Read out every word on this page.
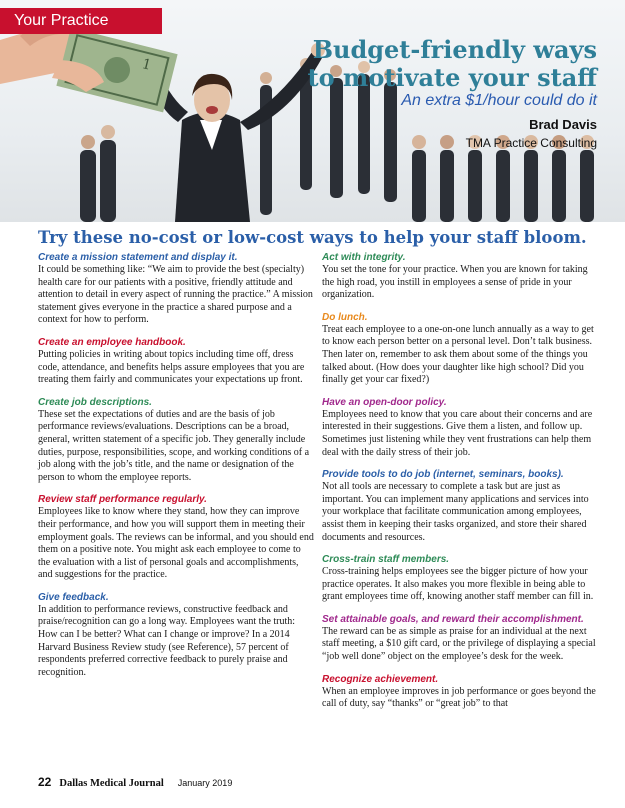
1
Your Practice
Budget-friendly ways
to motivate your staff
An extra $1/hour could do it
Brad Davis
TMA Practice Consulting
Try these no-cost or low-cost ways to help your staff bloom.
Create a mission statement and display it.

It could be something like: “We aim to provide the best (specialty) health care for our patients with a positive, friendly attitude and attention to detail in every aspect of running the practice.” A mission statement gives everyone in the practice a shared purpose and a context for how to perform.

Create an employee handbook.

Putting policies in writing about topics including time off, dress code, attendance, and benefits helps assure employees that you are treating them fairly and communicates your expectations up front.

Create job descriptions.

These set the expectations of duties and are the basis of job performance reviews/evaluations. Descriptions can be a broad, general, written statement of a specific job. They generally include duties, purpose, responsibilities, scope, and working conditions of a job along with the job’s title, and the name or designation of the person to whom the employee reports.

Review staff performance regularly.

Employees like to know where they stand, how they can improve their performance, and how you will support them in meeting their employment goals. The reviews can be informal, and you should end them on a positive note. You might ask each employee to come to the evaluation with a list of personal goals and accomplishments, and suggestions for the practice.

Give feedback.

In addition to performance reviews, constructive feedback and praise/recognition can go a long way. Employees want the truth: How can I be better? What can I change or improve? In a 2014 Harvard Business Review study (see Reference), 57 percent of respondents preferred corrective feedback to purely praise and recognition.

Act with integrity.

You set the tone for your practice. When you are known for taking the high road, you instill in employees a sense of pride in your organization.

Do lunch.

Treat each employee to a one-on-one lunch annually as a way to get to know each person better on a personal level. Don’t talk business. Then later on, remember to ask them about some of the things you talked about. (How does your daughter like high school? Did you finally get your car fixed?)

Have an open-door policy.

Employees need to know that you care about their concerns and are interested in their suggestions. Give them a listen, and follow up. Sometimes just listening while they vent frustrations can help them deal with the daily stress of their job.

Provide tools to do job (internet, seminars, books).

Not all tools are necessary to complete a task but are just as important. You can implement many applications and services into your workplace that facilitate communication among employees, assist them in keeping their tasks organized, and store their shared documents and resources.

Cross-train staff members.

Cross-training helps employees see the bigger picture of how your practice operates. It also makes you more flexible in being able to grant employees time off, knowing another staff member can fill in.

Set attainable goals, and reward their accomplishment.

The reward can be as simple as praise for an individual at the next staff meeting, a $10 gift card, or the privilege of displaying a special “job well done” object on the employee’s desk for the week.

Recognize achievement.

When an employee improves in job performance or goes beyond the call of duty, say “thanks” or “great job” to that

22 Dallas Medical Journal January 2019
